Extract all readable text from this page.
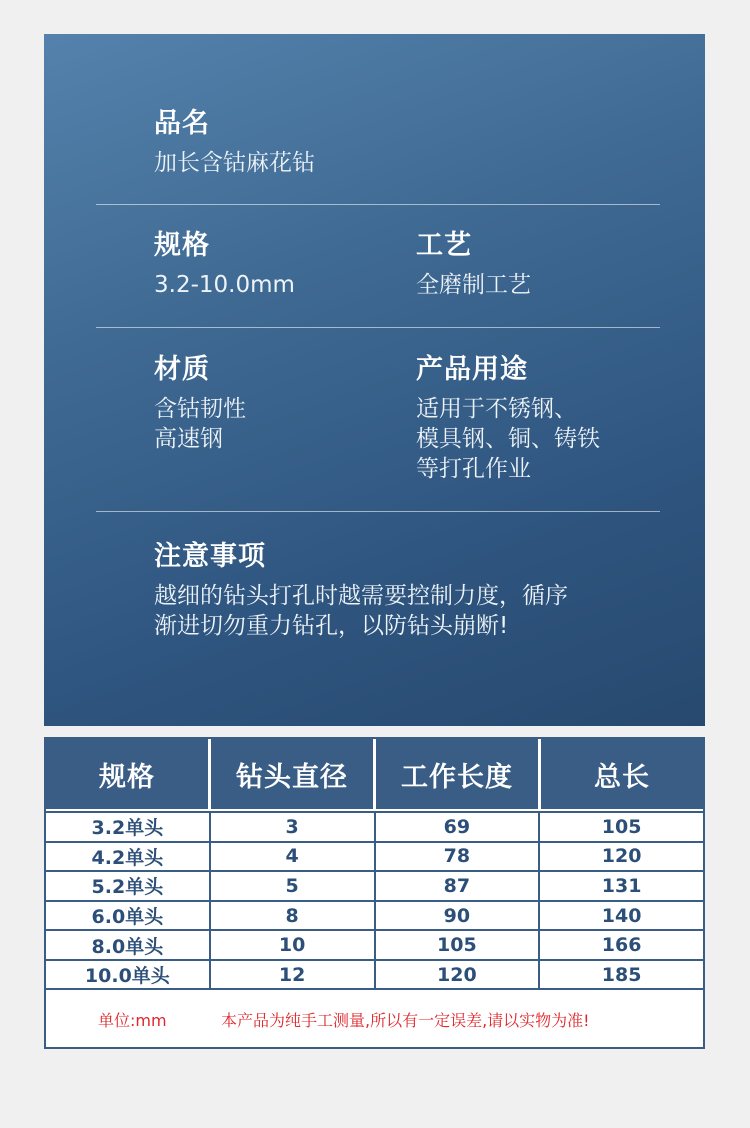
品名
加长含钴麻花钻
规格
3.2-10.0mm
工艺
全磨制工艺
材质
含钴韧性
高速钢
产品用途
适用于不锈钢、
模具钢、铜、铸铁
等打孔作业
注意事项
越细的钻头打孔时越需要控制力度，循序
渐进切勿重力钻孔，以防钻头崩断!
规格	钻头直径	工作长度	总长
3.2单头	3	69	105
4.2单头	4	78	120
5.2单头	5	87	131
6.0单头	8	90	140
8.0单头	10	105	166
10.0单头	12	120	185
单位:mm	本产品为纯手工测量,所以有一定误差,请以实物为准!
